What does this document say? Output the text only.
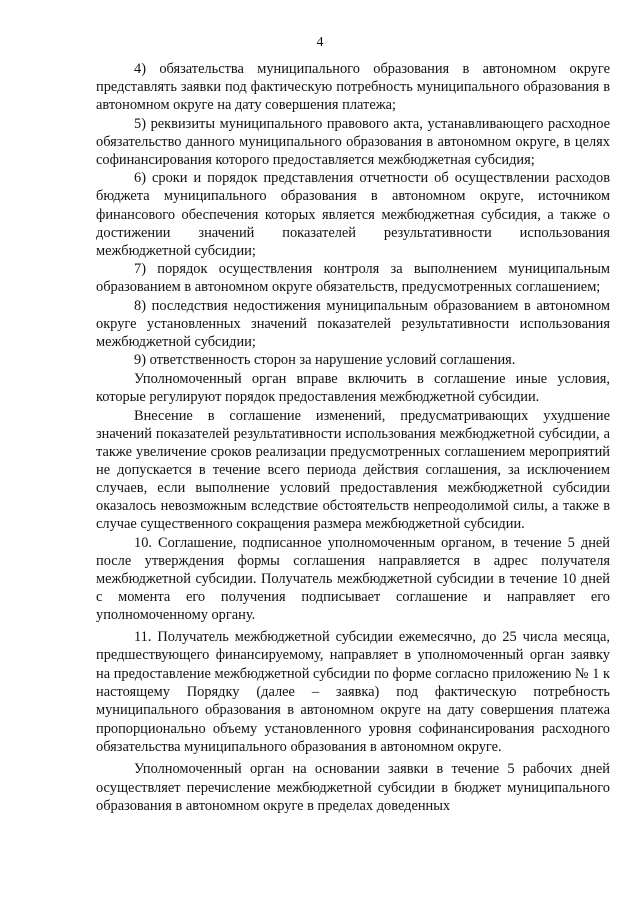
4

4) обязательства муниципального образования в автономном округе представлять заявки под фактическую потребность муниципального образования в автономном округе на дату совершения платежа;

5) реквизиты муниципального правового акта, устанавливающего расходное обязательство данного муниципального образования в автономном округе, в целях софинансирования которого предоставляется межбюджетная субсидия;

6) сроки и порядок представления отчетности об осуществлении расходов бюджета муниципального образования в автономном округе, источником финансового обеспечения которых является межбюджетная субсидия, а также о достижении значений показателей результативности использования межбюджетной субсидии;

7) порядок осуществления контроля за выполнением муниципальным образованием в автономном округе обязательств, предусмотренных соглашением;

8) последствия недостижения муниципальным образованием в автономном округе установленных значений показателей результативности использования межбюджетной субсидии;

9) ответственность сторон за нарушение условий соглашения.

Уполномоченный орган вправе включить в соглашение иные условия, которые регулируют порядок предоставления межбюджетной субсидии.

Внесение в соглашение изменений, предусматривающих ухудшение значений показателей результативности использования межбюджетной субсидии, а также увеличение сроков реализации предусмотренных соглашением мероприятий не допускается в течение всего периода действия соглашения, за исключением случаев, если выполнение условий предоставления межбюджетной субсидии оказалось невозможным вследствие обстоятельств непреодолимой силы, а также в случае существенного сокращения размера межбюджетной субсидии.

10. Соглашение, подписанное уполномоченным органом, в течение 5 дней после утверждения формы соглашения направляется в адрес получателя межбюджетной субсидии. Получатель межбюджетной субсидии в течение 10 дней с момента его получения подписывает соглашение и направляет его уполномоченному органу.

11. Получатель межбюджетной субсидии ежемесячно, до 25 числа месяца, предшествующего финансируемому, направляет в уполномоченный орган заявку на предоставление межбюджетной субсидии по форме согласно приложению № 1 к настоящему Порядку (далее – заявка) под фактическую потребность муниципального образования в автономном округе на дату совершения платежа пропорционально объему установленного уровня софинансирования расходного обязательства муниципального образования в автономном округе.

Уполномоченный орган на основании заявки в течение 5 рабочих дней осуществляет перечисление межбюджетной субсидии в бюджет муниципального образования в автономном округе в пределах доведенных
